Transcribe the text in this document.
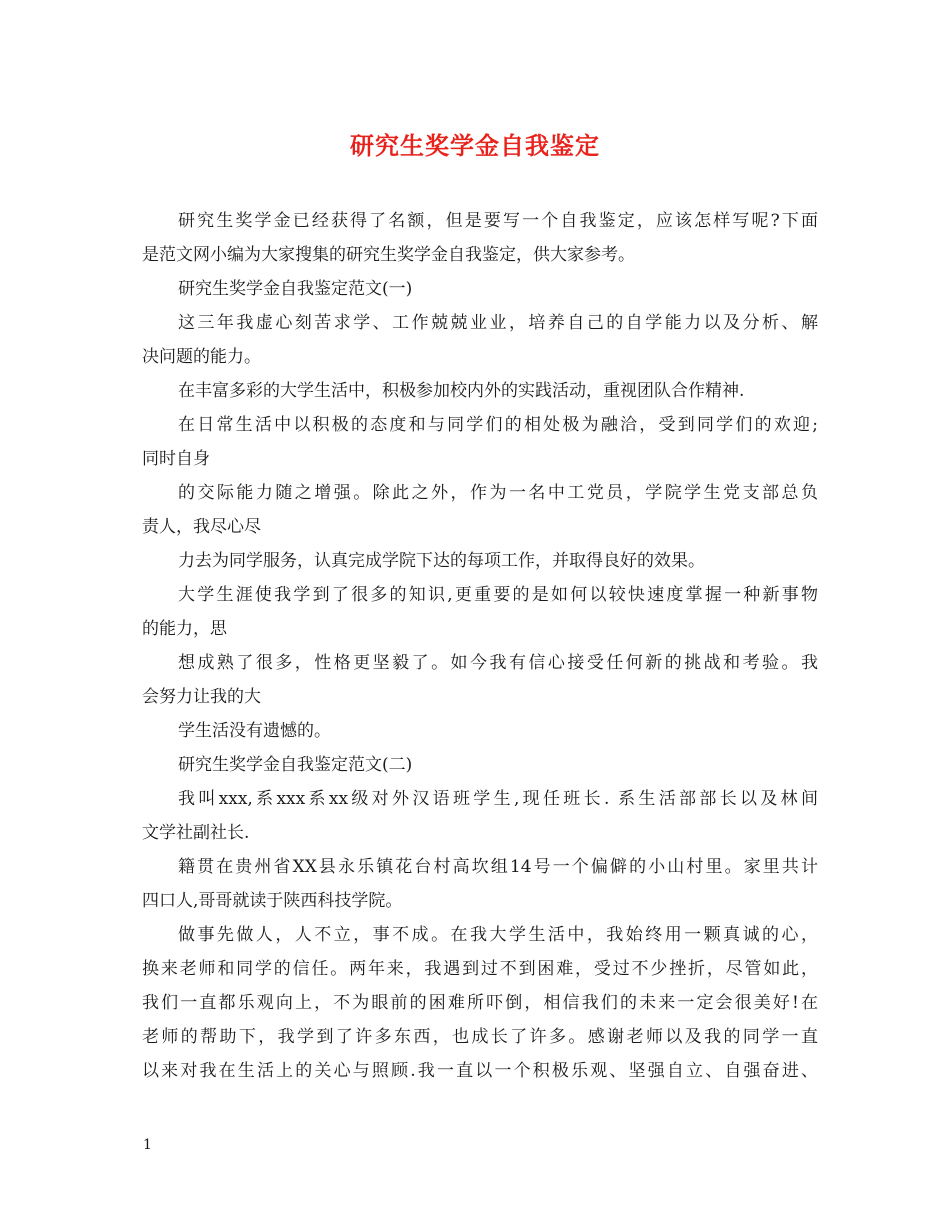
研究生奖学金自我鉴定
研究生奖学金已经获得了名额，但是要写一个自我鉴定，应该怎样写呢?下面
是范文网小编为大家搜集的研究生奖学金自我鉴定，供大家参考。
研究生奖学金自我鉴定范文(一)
这三年我虚心刻苦求学、工作兢兢业业，培养自己的自学能力以及分析、解
决问题的能力。
在丰富多彩的大学生活中，积极参加校内外的实践活动，重视团队合作精神.
在日常生活中以积极的态度和与同学们的相处极为融洽，受到同学们的欢迎;
同时自身
的交际能力随之增强。除此之外，作为一名中工党员，学院学生党支部总负
责人，我尽心尽
力去为同学服务，认真完成学院下达的每项工作，并取得良好的效果。
大学生涯使我学到了很多的知识,更重要的是如何以较快速度掌握一种新事物
的能力，思
想成熟了很多，性格更坚毅了。如今我有信心接受任何新的挑战和考验。我
会努力让我的大
学生活没有遗憾的。
研究生奖学金自我鉴定范文(二)
我叫xxx,系xxx系xx级对外汉语班学生,现任班长. 系生活部部长以及林间
文学社副社长.
籍贯在贵州省XX县永乐镇花台村高坎组14号一个偏僻的小山村里。家里共计
四口人,哥哥就读于陕西科技学院。
做事先做人，人不立，事不成。在我大学生活中，我始终用一颗真诚的心，
换来老师和同学的信任。两年来，我遇到过不到困难，受过不少挫折，尽管如此，
我们一直都乐观向上，不为眼前的困难所吓倒，相信我们的未来一定会很美好!在
老师的帮助下，我学到了许多东西，也成长了许多。感谢老师以及我的同学一直
以来对我在生活上的关心与照顾.我一直以一个积极乐观、坚强自立、自强奋进、
1
